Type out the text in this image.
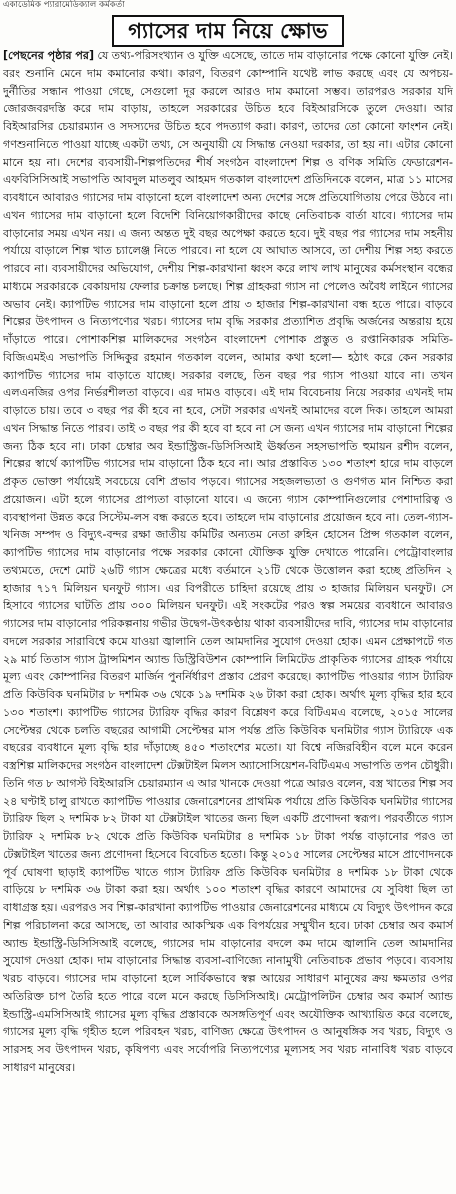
একাডেমিক প্যারামেডিক্যাল কর্মকর্তা
গ্যাসের দাম নিয়ে ক্ষোভ

[পেছনের পৃষ্ঠার পর] যে তথ্য-পরিসংখ্যান ও যুক্তি এসেছে, তাতে দাম বাড়ানোর পক্ষে কোনো যুক্তি নেই। বরং শুনানি মেনে দাম কমানোর কথা। কারণ, বিতরণ কোম্পানি যথেষ্ট লাভ করছে এবং যে অপচয়-দুর্নীতির সন্ধান পাওয়া গেছে, সেগুলো দূর করলে আরও দাম কমানো সম্ভব। তারপরও সরকার যদি জোরজবরদস্তি করে দাম বাড়ায়, তাহলে সরকারের উচিত হবে বিইআরসিকে তুলে দেওয়া। আর বিইআরসির চেয়ারম্যান ও সদস্যদের উচিত হবে পদত্যাগ করা। কারণ, তাদের তো কোনো ফাংশন নেই। গণশুনানিতে পাওয়া যাচ্ছে একটা তথ্য, সে অনুযায়ী যে সিদ্ধান্ত নেওয়া দরকার, তা হয় না। এটার কোনো মানে হয় না। দেশের ব্যবসায়ী-শিল্পপতিদের শীর্ষ সংগঠন বাংলাদেশ শিল্প ও বণিক সমিতি ফেডারেশন-এফবিসিসিআই সভাপতি আবদুল মাতলুব আহমদ গতকাল বাংলাদেশ প্রতিদিনকে বলেন, মাত্র ১১ মাসের ব্যবধানে আবারও গ্যাসের দাম বাড়ানো হলে বাংলাদেশ অন্য দেশের সঙ্গে প্রতিযোগিতায় পেরে উঠবে না। এখন গ্যাসের দাম বাড়ানো হলে বিদেশি বিনিয়োগকারীদের কাছে নেতিবাচক বার্তা যাবে। গ্যাসের দাম বাড়ানোর সময় এখন নয়। এ জন্য অন্তত দুই বছর অপেক্ষা করতে হবে। দুই বছর পর গ্যাসের দাম সহনীয় পর্যায়ে বাড়ালে শিল্প খাত চ্যালেঞ্জ নিতে পারবে। না হলে যে আঘাত আসবে, তা দেশীয় শিল্প সহ্য করতে পারবে না। ব্যবসায়ীদের অভিযোগ, দেশীয় শিল্প-কারখানা ধ্বংস করে লাখ লাখ মানুষের কর্মসংস্থান বন্ধের মাধ্যমে সরকারকে বেকায়দায় ফেলার চক্রান্ত চলছে। শিল্প গ্রাহকরা গ্যাস না পেলেও অবৈধ লাইনে গ্যাসের অভাব নেই। ক্যাপটিভ গ্যাসের দাম বাড়ানো হলে প্রায় ৩ হাজার শিল্প-কারখানা বন্ধ হতে পারে। বাড়বে শিল্পের উৎপাদন ও নিত্যপণ্যের খরচ। গ্যাসের দাম বৃদ্ধি সরকার প্রত্যাশিত প্রবৃদ্ধি অর্জনের অন্তরায় হয়ে দাঁড়াতে পারে। পোশাকশিল্প মালিকদের সংগঠন বাংলাদেশ পোশাক প্রস্তুত ও রপ্তানিকারক সমিতি-বিজিএমইএ সভাপতি সিদ্দিকুর রহমান গতকাল বলেন, আমার কথা হলো— হঠাৎ করে কেন সরকার ক্যাপটিভ গ্যাসের দাম বাড়াতে যাচ্ছে। সরকার বলছে, তিন বছর পর গ্যাস পাওয়া যাবে না। তখন এলএনজির ওপর নির্ভরশীলতা বাড়বে। এর দামও বাড়বে। এই দাম বিবেচনায় নিয়ে সরকার এখনই দাম বাড়াতে চায়। তবে ৩ বছর পর কী হবে না হবে, সেটা সরকার এখনই আমাদের বলে দিক। তাহলে আমরা এখন সিদ্ধান্ত নিতে পারব। তাই ৩ বছর পর কী হবে বা হবে না সে জন্য এখন গ্যাসের দাম বাড়ানো শিল্পের জন্য ঠিক হবে না। ঢাকা চেম্বার অব ইন্ডাস্ট্রিজ-ডিসিসিআই ঊর্ধ্বতন সহসভাপতি হুমায়ন রশীদ বলেন, শিল্পের স্বার্থে ক্যাপটিভ গ্যাসের দাম বাড়ানো ঠিক হবে না। আর প্রস্তাবিত ১৩০ শতাংশ হারে দাম বাড়লে প্রকৃত ভোক্তা পর্যায়েই সবচেয়ে বেশি প্রভাব পড়বে। গ্যাসের সহজলভ্যতা ও গুণগত মান নিশ্চিত করা প্রয়োজন। এটা হলে গ্যাসের প্রাপ্যতা বাড়ানো যাবে। এ জন্যে গ্যাস কোম্পানিগুলোর পেশাদারিত্ব ও ব্যবস্থাপনা উন্নত করে সিস্টেম-লস বন্ধ করতে হবে। তাহলে দাম বাড়ানোর প্রয়োজন হবে না। তেল-গ্যাস-খনিজ সম্পদ ও বিদ্যুৎ-বন্দর রক্ষা জাতীয় কমিটির অন্যতম নেতা রুহিন হোসেন প্রিন্স গতকাল বলেন, ক্যাপটিভ গ্যাসের দাম বাড়ানোর পক্ষে সরকার কোনো যৌক্তিক যুক্তি দেখাতে পারেনি। পেট্রোবাংলার তথ্যমতে, দেশে মোট ২৬টি গ্যাস ক্ষেত্রের মধ্যে বর্তমানে ২১টি থেকে উত্তোলন করা হচ্ছে প্রতিদিন ২ হাজার ৭১৭ মিলিয়ন ঘনফুট গ্যাস। এর বিপরীতে চাহিদা রয়েছে প্রায় ৩ হাজার মিলিয়ন ঘনফুট। সে হিসাবে গ্যাসের ঘাটতি প্রায় ৩০০ মিলিয়ন ঘনফুট। এই সংকটের পরও স্বল্প সময়ের ব্যবধানে আবারও গ্যাসের দাম বাড়ানোর পরিকল্পনায় গভীর উদ্বেগ-উৎকণ্ঠায় থাকা ব্যবসায়ীদের দাবি, গ্যাসের দাম বাড়ানোর বদলে সরকার সারাবিশ্বে কমে যাওয়া জ্বালানি তেল আমদানির সুযোগ দেওয়া হোক। এমন প্রেক্ষাপটে গত ২৯ মার্চ তিতাস গ্যাস ট্রান্সমিশন অ্যান্ড ডিস্ট্রিবিউশন কোম্পানি লিমিটেড প্রাকৃতিক গ্যাসের গ্রাহক পর্যায়ে মূল্য এবং কোম্পানির বিতরণ মার্জিন পুনর্নির্ধারণ প্রস্তাব প্রেরণ করেছে। ক্যাপটিভ পাওয়ার গ্যাস ট্যারিফ প্রতি কিউবিক ঘনমিটার ৮ দশমিক ৩৬ থেকে ১৯ দশমিক ২৬ টাকা করা হোক। অর্থাৎ মূল্য বৃদ্ধির হার হবে ১৩০ শতাংশ। ক্যাপটিভ গ্যাসের ট্যারিফ বৃদ্ধির কারণ বিশ্লেষণ করে বিটিএমএ বলেছে, ২০১৫ সালের সেপ্টেম্বর থেকে চলতি বছরের আগামী সেপ্টেম্বর মাস পর্যন্ত প্রতি কিউবিক ঘনমিটার গ্যাস ট্যারিফে এক বছরের ব্যবধানে মূল্য বৃদ্ধি হার দাঁড়াচ্ছে ৪৫০ শতাংশের মতো। যা বিশ্বে নজিরবিহীন বলে মনে করেন বস্ত্রশিল্প মালিকদের সংগঠন বাংলাদেশ টেক্সটাইল মিলস অ্যাসোসিয়েশন-বিটিএমএ সভাপতি তপন চৌধুরী। তিনি গত ৮ আগস্ট বিইআরসি চেয়ারম্যান এ আর খানকে দেওয়া পত্রে আরও বলেন, বস্ত্র খাতের শিল্প সব ২৪ ঘণ্টাই চালু রাখতে ক্যাপটিভ পাওয়ার জেনারেশনের প্রাথমিক পর্যায়ে প্রতি কিউবিক ঘনমিটার গ্যাসের ট্যারিফ ছিল ২ দশমিক ৮২ টাকা যা টেক্সটাইল খাতের জন্য ছিল একটি প্রণোদনা স্বরূপ। পরবর্তীতে গ্যাস ট্যারিফ ২ দশমিক ৮২ থেকে প্রতি কিউবিক ঘনমিটার ৪ দশমিক ১৮ টাকা পর্যন্ত বাড়ানোর পরও তা টেক্সটাইল খাতের জন্য প্রণোদনা হিসেবে বিবেচিত হতো। কিন্তু ২০১৫ সালের সেপ্টেম্বর মাসে প্রাণোদনকে পূর্ব ঘোষণা ছাড়াই ক্যাপটিভ খাতে গ্যাস ট্যারিফ প্রতি কিউবিক ঘনমিটার ৪ দশমিক ১৮ টাকা থেকে বাড়িয়ে ৮ দশমিক ৩৬ টাকা করা হয়। অর্থাৎ ১০০ শতাংশ বৃদ্ধির কারণে আমাদের যে সুবিধা ছিল তা বাধাগ্রস্ত হয়। এরপরও সব শিল্প-কারখানা ক্যাপটিভ পাওয়ার জেনারেশনের মাধ্যমে যে বিদ্যুৎ উৎপাদন করে শিল্প পরিচালনা করে আসছে, তা আবার আকস্মিক এক বিপর্যয়ের সম্মুখীন হবে। ঢাকা চেম্বার অব কমার্স অ্যান্ড ইন্ডাস্ট্রি-ডিসিসিআই বলেছে, গ্যাসের দাম বাড়ানোর বদলে কম দামে জ্বালানি তেল আমদানির সুযোগ দেওয়া হোক। দাম বাড়ানোর সিদ্ধান্ত ব্যবসা-বাণিজ্যে নানামুখী নেতিবাচক প্রভাব পড়বে। ব্যবসায় খরচ বাড়বে। গ্যাসের দাম বাড়ানো হলে সার্বিকভাবে স্বল্প আয়ের সাধারণ মানুষের ক্রয় ক্ষমতার ওপর অতিরিক্ত চাপ তৈরি হতে পারে বলে মনে করছে ডিসিসিআই। মেট্রোপলিটন চেম্বার অব কমার্স অ্যান্ড ইন্ডাস্ট্রি-এমসিসিআই গ্যাসের মূল্য বৃদ্ধির প্রস্তাবকে অসঙ্গতিপূর্ণ এবং অযৌক্তিক আখ্যায়িত করে বলেছে, গ্যাসের মূল্য বৃদ্ধি গৃহীত হলে পরিবহন খরচ, বাণিজ্য ক্ষেত্রে উৎপাদন ও আনুষঙ্গিক সব খরচ, বিদ্যুৎ ও সারসহ সব উৎপাদন খরচ, কৃষিপণ্য এবং সর্বোপরি নিত্যপণ্যের মূল্যসহ সব খরচ নানাবিধ খরচ বাড়বে সাধারণ মানুষের।
